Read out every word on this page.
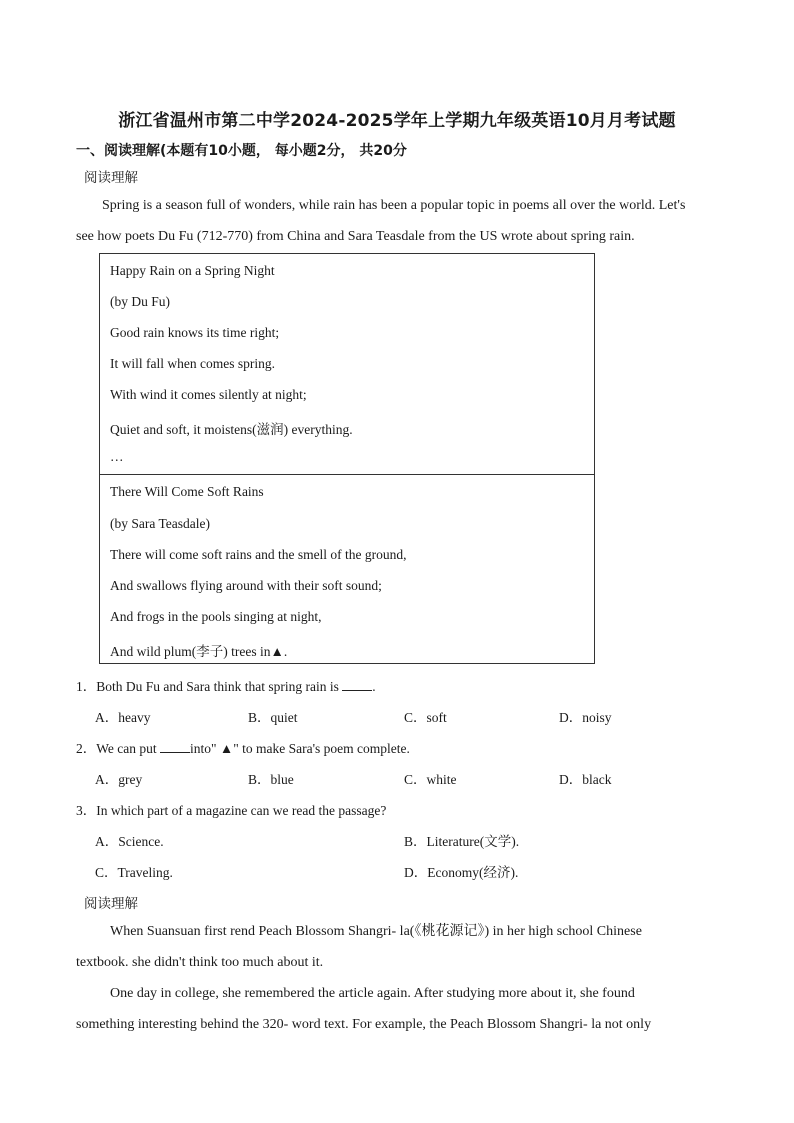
浙江省温州市第二中学2024-2025学年上学期九年级英语10月月考试题
一、阅读理解(本题有10小题， 每小题2分， 共20分
阅读理解
Spring is a season full of wonders, while rain has been a popular topic in poems all over the world. Let's
see how poets Du Fu (712-770) from China and Sara Teasdale from the US wrote about spring rain.
Happy Rain on a Spring Night
(by Du Fu)
Good rain knows its time right;
It will fall when comes spring.
With wind it comes silently at night;
Quiet and soft, it moistens(滋润) everything.
…
There Will Come Soft Rains
(by Sara Teasdale)
There will come soft rains and the smell of the ground,
And swallows flying around with their soft sound;
And frogs in the pools singing at night,
And wild plum(李子) trees in▲.
1．Both Du Fu and Sara think that spring rain is .
A．heavy	B．quiet	C．soft	D．noisy
2．We can put into" ▲" to make Sara's poem complete.
A．grey	B．blue	C．white	D．black
3．In which part of a magazine can we read the passage?
A．Science.	B．Literature(文学).
C．Traveling.	D．Economy(经济).
阅读理解
When Suansuan first rend Peach Blossom Shangri- la(《桃花源记》) in her high school Chinese
textbook. she didn't think too much about it.
One day in college, she remembered the article again. After studying more about it, she found
something interesting behind the 320- word text. For example, the Peach Blossom Shangri- la not only
